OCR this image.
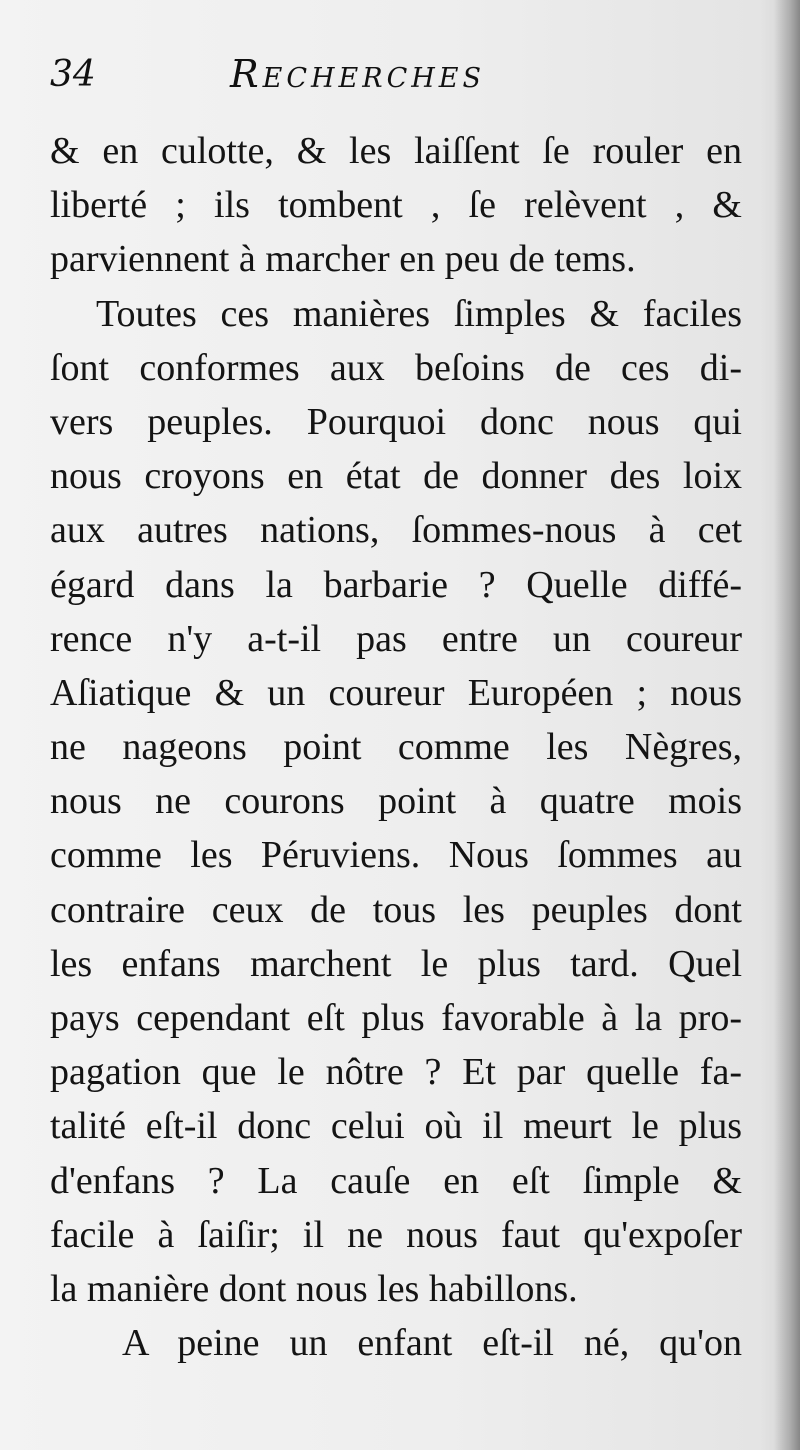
34	Recherches
& en culotte, & les laiſſent ſe rouler en
liberté ; ils tombent , ſe relèvent , &
parviennent à marcher en peu de tems.
Toutes ces manières ſimples & faciles
ſont conformes aux beſoins de ces di-
vers peuples. Pourquoi donc nous qui
nous croyons en état de donner des loix
aux autres nations, ſommes-nous à cet
égard dans la barbarie ? Quelle diffé-
rence n'y a-t-il pas entre un coureur
Aſiatique & un coureur Européen ; nous
ne nageons point comme les Nègres,
nous ne courons point à quatre mois
comme les Péruviens. Nous ſommes au
contraire ceux de tous les peuples dont
les enfans marchent le plus tard. Quel
pays cependant eſt plus favorable à la pro-
pagation que le nôtre ? Et par quelle fa-
talité eſt-il donc celui où il meurt le plus
d'enfans ? La cauſe en eſt ſimple &
facile à ſaiſir; il ne nous faut qu'expoſer
la manière dont nous les habillons.
A peine un enfant eſt-il né, qu'on
